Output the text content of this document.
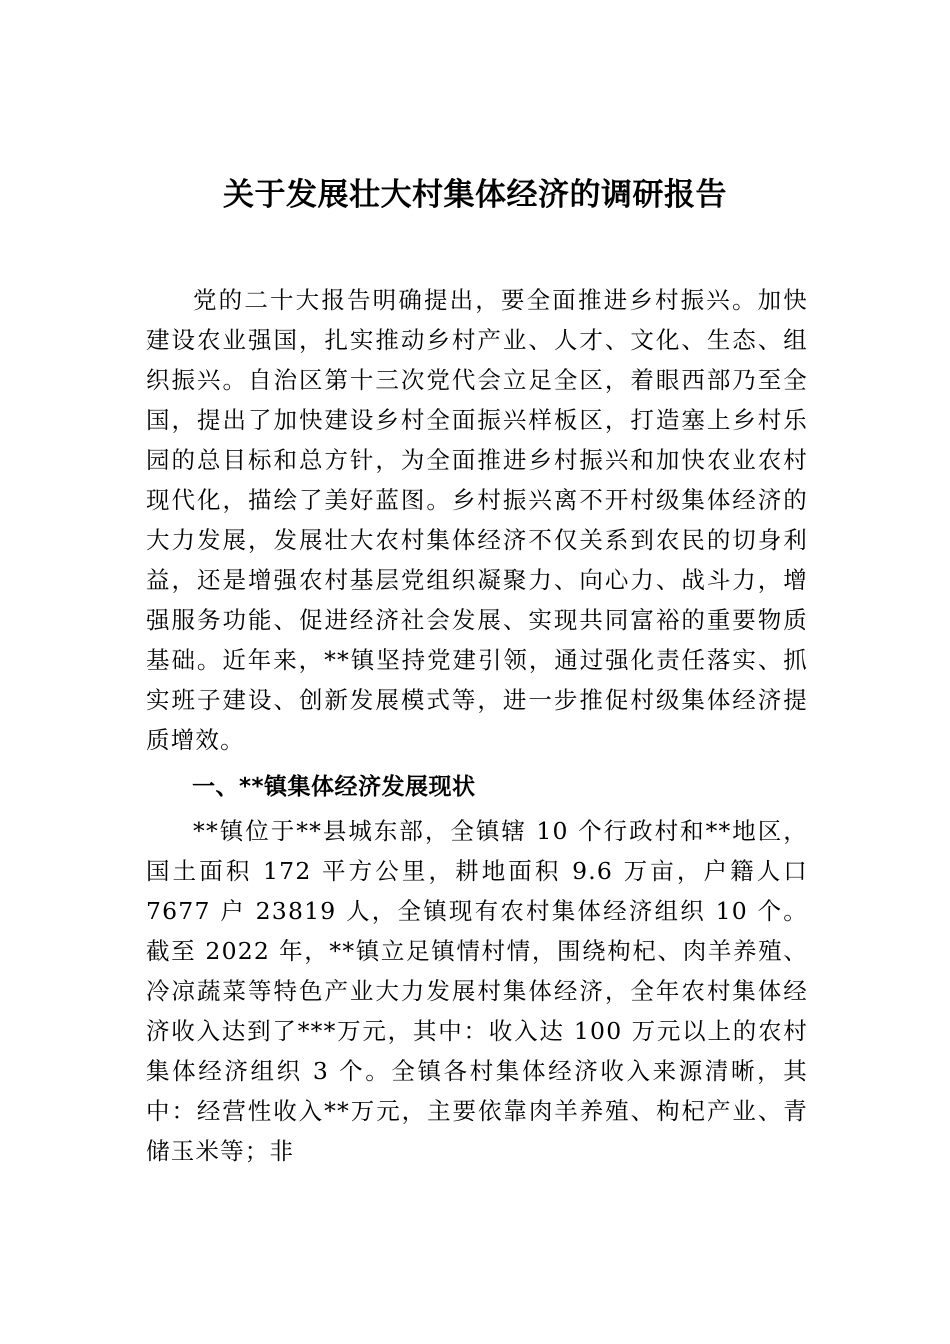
关于发展壮大村集体经济的调研报告

党的二十大报告明确提出，要全面推进乡村振兴。加快建设农业强国，扎实推动乡村产业、人才、文化、生态、组织振兴。自治区第十三次党代会立足全区，着眼西部乃至全国，提出了加快建设乡村全面振兴样板区，打造塞上乡村乐园的总目标和总方针，为全面推进乡村振兴和加快农业农村现代化，描绘了美好蓝图。乡村振兴离不开村级集体经济的大力发展，发展壮大农村集体经济不仅关系到农民的切身利益，还是增强农村基层党组织凝聚力、向心力、战斗力，增强服务功能、促进经济社会发展、实现共同富裕的重要物质基础。近年来，**镇坚持党建引领，通过强化责任落实、抓实班子建设、创新发展模式等，进一步推促村级集体经济提质增效。

一、**镇集体经济发展现状

**镇位于**县城东部，全镇辖 10 个行政村和**地区，国土面积 172 平方公里，耕地面积 9.6 万亩，户籍人口 7677 户 23819 人，全镇现有农村集体经济组织 10 个。截至 2022 年，**镇立足镇情村情，围绕枸杞、肉羊养殖、冷凉蔬菜等特色产业大力发展村集体经济，全年农村集体经济收入达到了***万元，其中：收入达 100 万元以上的农村集体经济组织 3 个。全镇各村集体经济收入来源清晰，其中：经营性收入**万元，主要依靠肉羊养殖、枸杞产业、青储玉米等；非
